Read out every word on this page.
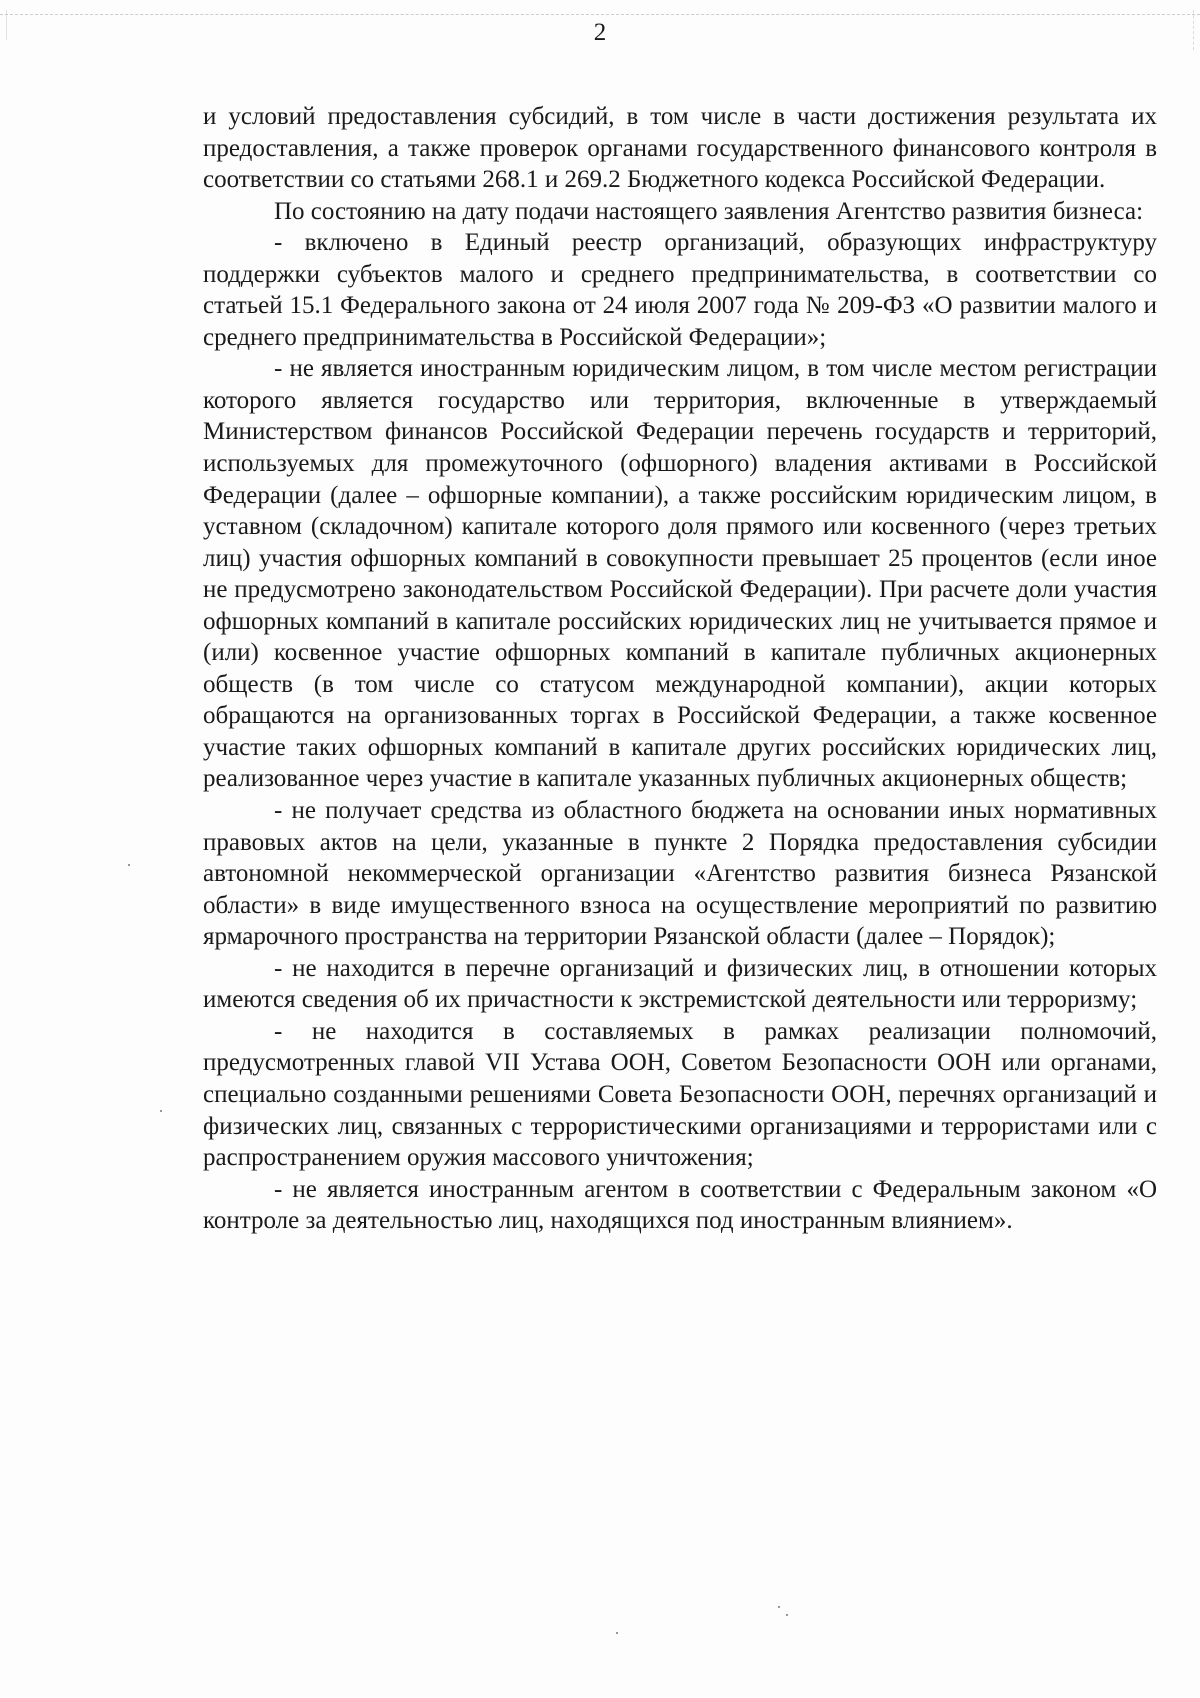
2

и условий предоставления субсидий, в том числе в части достижения результата их предоставления, а также проверок органами государственного финансового контроля в соответствии со статьями 268.1 и 269.2 Бюджетного кодекса Российской Федерации.

По состоянию на дату подачи настоящего заявления Агентство развития бизнеса:

- включено в Единый реестр организаций, образующих инфраструктуру поддержки субъектов малого и среднего предпринимательства, в соответствии со статьей 15.1 Федерального закона от 24 июля 2007 года № 209-ФЗ «О развитии малого и среднего предпринимательства в Российской Федерации»;

- не является иностранным юридическим лицом, в том числе местом регистрации которого является государство или территория, включенные в утверждаемый Министерством финансов Российской Федерации перечень государств и территорий, используемых для промежуточного (офшорного) владения активами в Российской Федерации (далее – офшорные компании), а также российским юридическим лицом, в уставном (складочном) капитале которого доля прямого или косвенного (через третьих лиц) участия офшорных компаний в совокупности превышает 25 процентов (если иное не предусмотрено законодательством Российской Федерации). При расчете доли участия офшорных компаний в капитале российских юридических лиц не учитывается прямое и (или) косвенное участие офшорных компаний в капитале публичных акционерных обществ (в том числе со статусом международной компании), акции которых обращаются на организованных торгах в Российской Федерации, а также косвенное участие таких офшорных компаний в капитале других российских юридических лиц, реализованное через участие в капитале указанных публичных акционерных обществ;

- не получает средства из областного бюджета на основании иных нормативных правовых актов на цели, указанные в пункте 2 Порядка предоставления субсидии автономной некоммерческой организации «Агентство развития бизнеса Рязанской области» в виде имущественного взноса на осуществление мероприятий по развитию ярмарочного пространства на территории Рязанской области (далее – Порядок);

- не находится в перечне организаций и физических лиц, в отношении которых имеются сведения об их причастности к экстремистской деятельности или терроризму;

- не находится в составляемых в рамках реализации полномочий, предусмотренных главой VII Устава ООН, Советом Безопасности ООН или органами, специально созданными решениями Совета Безопасности ООН, перечнях организаций и физических лиц, связанных с террористическими организациями и террористами или с распространением оружия массового уничтожения;

- не является иностранным агентом в соответствии с Федеральным законом «О контроле за деятельностью лиц, находящихся под иностранным влиянием».
